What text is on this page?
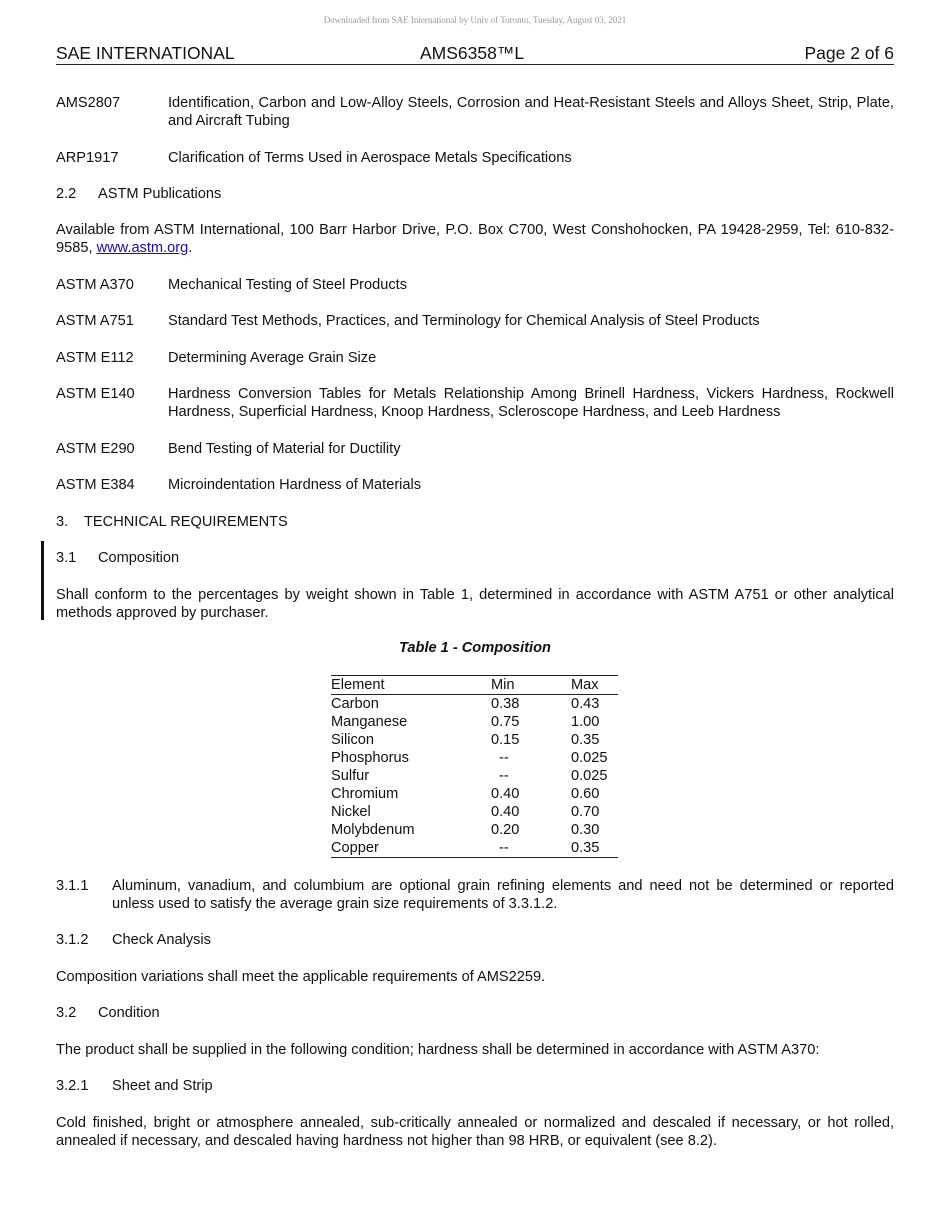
Downloaded from SAE International by Univ of Toronto, Tuesday, August 03, 2021
SAE INTERNATIONAL	AMS6358™L	Page 2 of 6
AMS2807	Identification, Carbon and Low-Alloy Steels, Corrosion and Heat-Resistant Steels and Alloys Sheet, Strip, Plate, and Aircraft Tubing
ARP1917	Clarification of Terms Used in Aerospace Metals Specifications
2.2 ASTM Publications
Available from ASTM International, 100 Barr Harbor Drive, P.O. Box C700, West Conshohocken, PA 19428-2959, Tel: 610-832-9585, www.astm.org.
ASTM A370	Mechanical Testing of Steel Products
ASTM A751	Standard Test Methods, Practices, and Terminology for Chemical Analysis of Steel Products
ASTM E112	Determining Average Grain Size
ASTM E140	Hardness Conversion Tables for Metals Relationship Among Brinell Hardness, Vickers Hardness, Rockwell Hardness, Superficial Hardness, Knoop Hardness, Scleroscope Hardness, and Leeb Hardness
ASTM E290	Bend Testing of Material for Ductility
ASTM E384	Microindentation Hardness of Materials
3. TECHNICAL REQUIREMENTS
3.1 Composition
Shall conform to the percentages by weight shown in Table 1, determined in accordance with ASTM A751 or other analytical methods approved by purchaser.
Table 1 - Composition
Element	Min	Max
Carbon	0.38	0.43
Manganese	0.75	1.00
Silicon	0.15	0.35
Phosphorus	--	0.025
Sulfur	--	0.025
Chromium	0.40	0.60
Nickel	0.40	0.70
Molybdenum	0.20	0.30
Copper	--	0.35
3.1.1	Aluminum, vanadium, and columbium are optional grain refining elements and need not be determined or reported unless used to satisfy the average grain size requirements of 3.3.1.2.
3.1.2 Check Analysis
Composition variations shall meet the applicable requirements of AMS2259.
3.2 Condition
The product shall be supplied in the following condition; hardness shall be determined in accordance with ASTM A370:
3.2.1 Sheet and Strip
Cold finished, bright or atmosphere annealed, sub-critically annealed or normalized and descaled if necessary, or hot rolled, annealed if necessary, and descaled having hardness not higher than 98 HRB, or equivalent (see 8.2).
